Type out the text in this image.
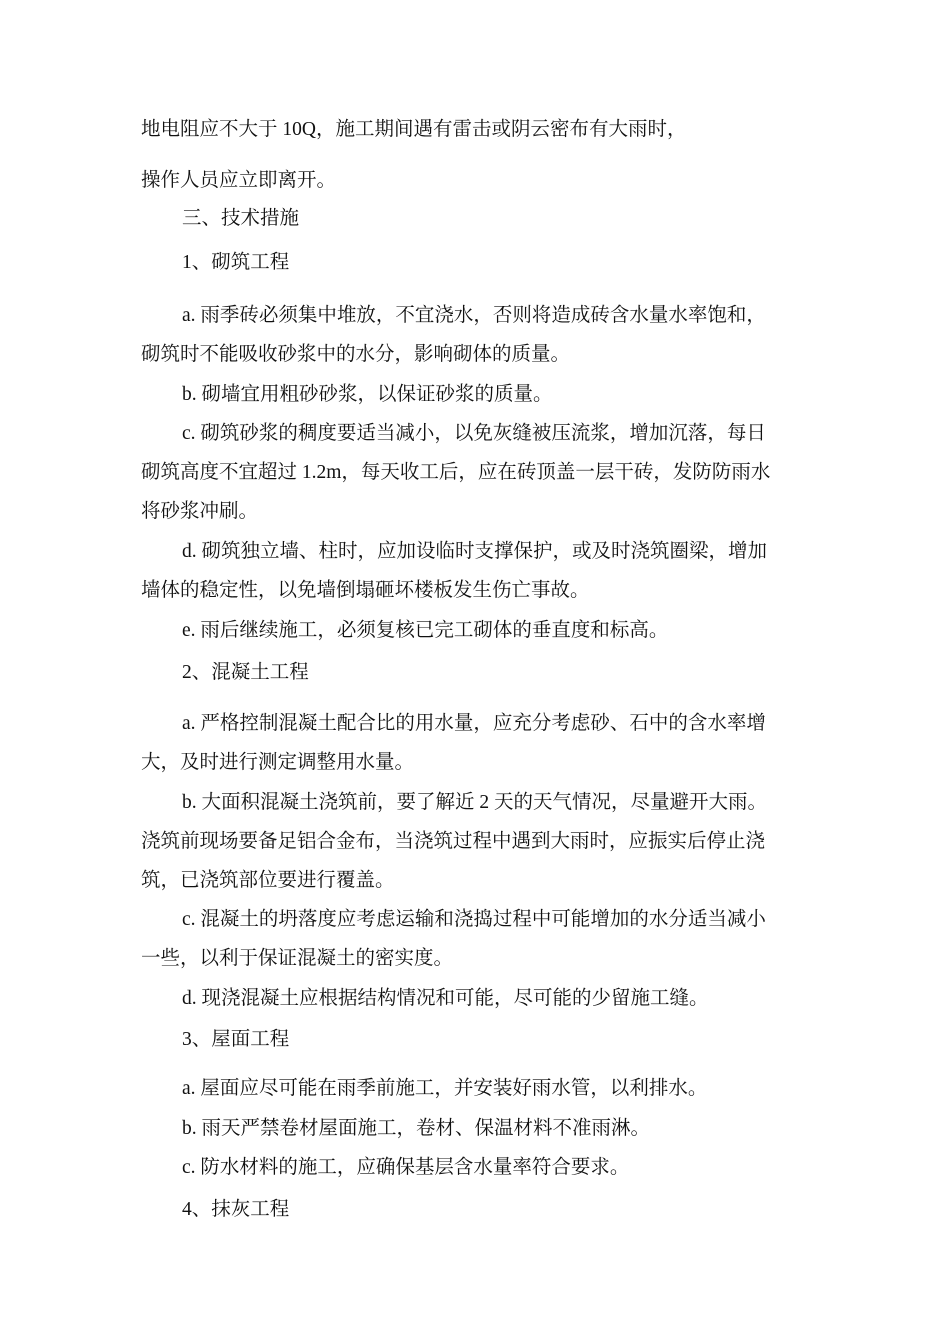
地电阻应不大于 10Q，施工期间遇有雷击或阴云密布有大雨时，
操作人员应立即离开。
三、技术措施
1、砌筑工程
a. 雨季砖必须集中堆放，不宜浇水，否则将造成砖含水量水率饱和，
砌筑时不能吸收砂浆中的水分，影响砌体的质量。
b. 砌墙宜用粗砂砂浆，以保证砂浆的质量。
c. 砌筑砂浆的稠度要适当减小，以免灰缝被压流浆，增加沉落，每日
砌筑高度不宜超过 1.2m，每天收工后，应在砖顶盖一层干砖，发防防雨水
将砂浆冲刷。
d. 砌筑独立墙、柱时，应加设临时支撑保护，或及时浇筑圈梁，增加
墙体的稳定性，以免墙倒塌砸坏楼板发生伤亡事故。
e. 雨后继续施工，必须复核已完工砌体的垂直度和标高。
2、混凝土工程
a. 严格控制混凝土配合比的用水量，应充分考虑砂、石中的含水率增
大，及时进行测定调整用水量。
b. 大面积混凝土浇筑前，要了解近 2 天的天气情况，尽量避开大雨。
浇筑前现场要备足铝合金布，当浇筑过程中遇到大雨时，应振实后停止浇
筑，已浇筑部位要进行覆盖。
c. 混凝土的坍落度应考虑运输和浇捣过程中可能增加的水分适当减小
一些，以利于保证混凝土的密实度。
d. 现浇混凝土应根据结构情况和可能，尽可能的少留施工缝。
3、屋面工程
a. 屋面应尽可能在雨季前施工，并安装好雨水管，以利排水。
b. 雨天严禁卷材屋面施工，卷材、保温材料不准雨淋。
c. 防水材料的施工，应确保基层含水量率符合要求。
4、抹灰工程
